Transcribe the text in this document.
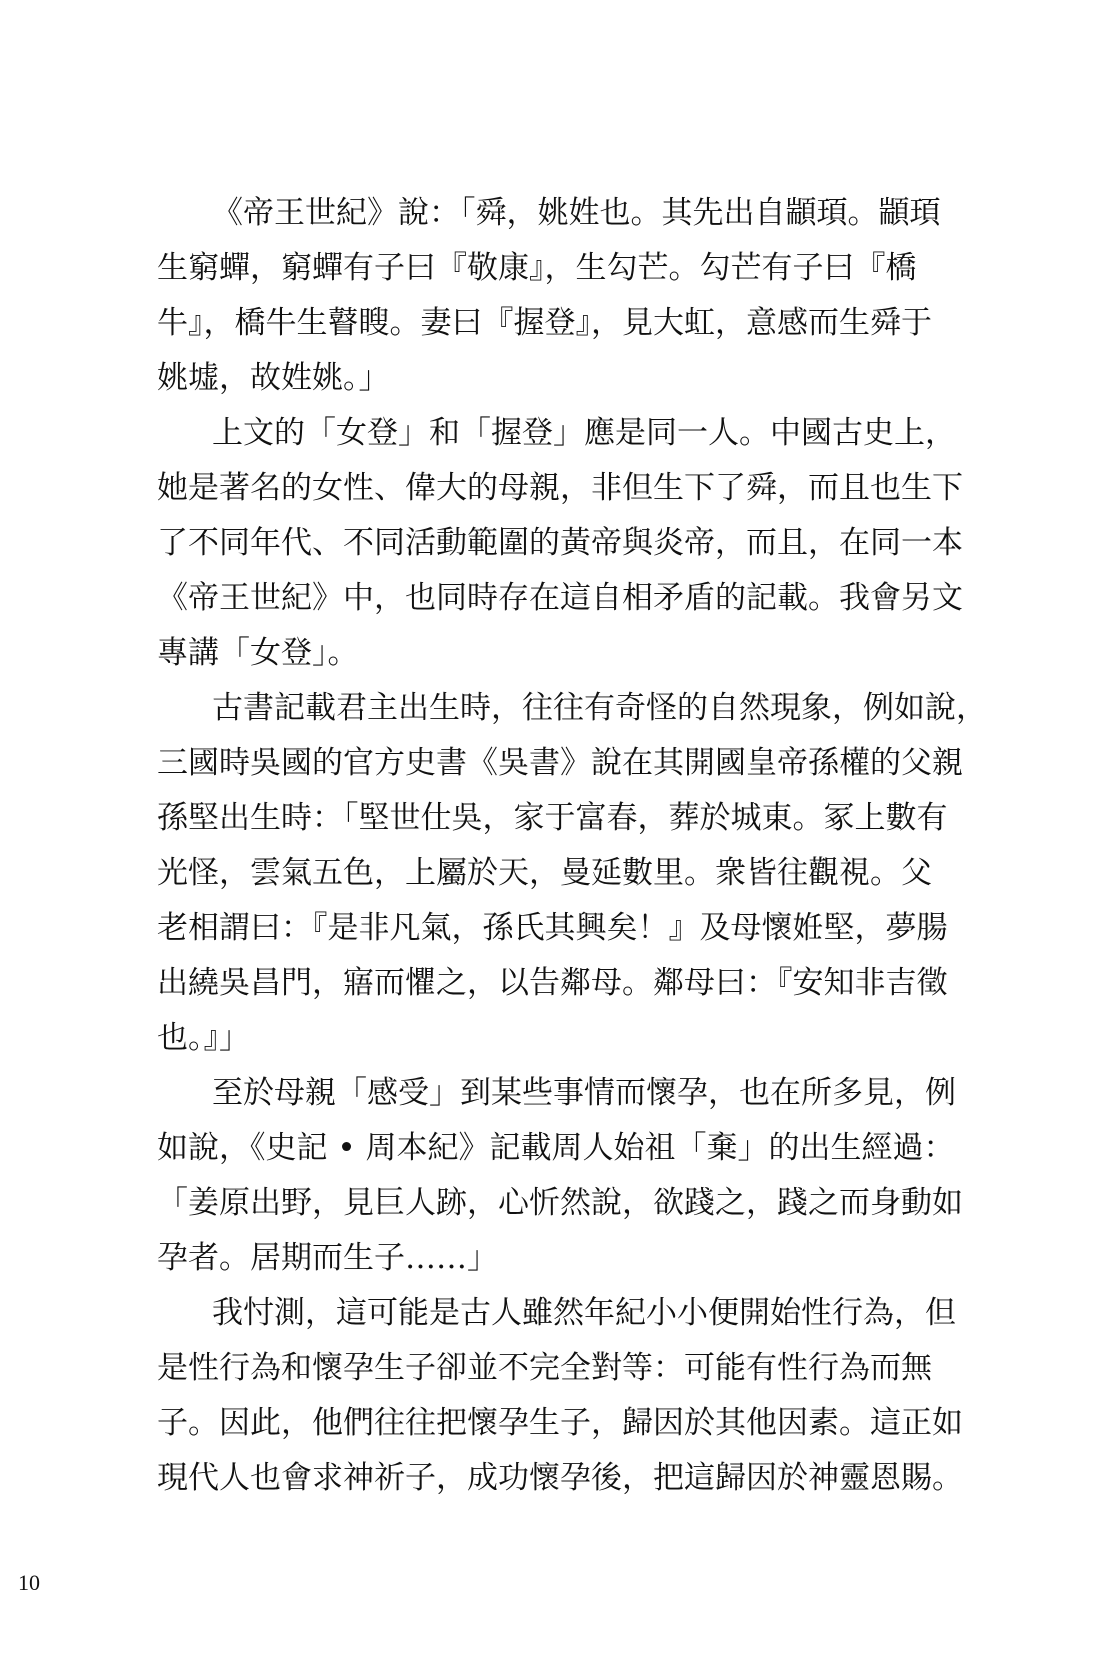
《帝王世紀》說：「舜，姚姓也。其先出自顓頊。顓頊
生窮蟬，窮蟬有子曰『敬康』，生勾芒。勾芒有子曰『橋
牛』，橋牛生瞽瞍。妻曰『握登』，見大虹，意感而生舜于
姚墟，故姓姚。」
上文的「女登」和「握登」應是同一人。中國古史上，
她是著名的女性、偉大的母親，非但生下了舜，而且也生下
了不同年代、不同活動範圍的黃帝與炎帝，而且，在同一本
《帝王世紀》中，也同時存在這自相矛盾的記載。我會另文
專講「女登」。
古書記載君主出生時，往往有奇怪的自然現象，例如說，
三國時吳國的官方史書《吳書》說在其開國皇帝孫權的父親
孫堅出生時：「堅世仕吳，家于富春，葬於城東。冢上數有
光怪，雲氣五色，上屬於天，曼延數里。衆皆往觀視。父
老相謂曰：『是非凡氣，孫氏其興矣！』及母懷姙堅，夢腸
出繞吳昌門，寤而懼之，以告鄰母。鄰母曰：『安知非吉徵
也。』」
至於母親「感受」到某些事情而懷孕，也在所多見，例
如說，《史記 • 周本紀》記載周人始祖「棄」的出生經過：
「姜原出野，見巨人跡，心忻然說，欲踐之，踐之而身動如
孕者。居期而生子……」
我忖測，這可能是古人雖然年紀小小便開始性行為，但
是性行為和懷孕生子卻並不完全對等：可能有性行為而無
子。因此，他們往往把懷孕生子，歸因於其他因素。這正如
現代人也會求神祈子，成功懷孕後，把這歸因於神靈恩賜。
10
